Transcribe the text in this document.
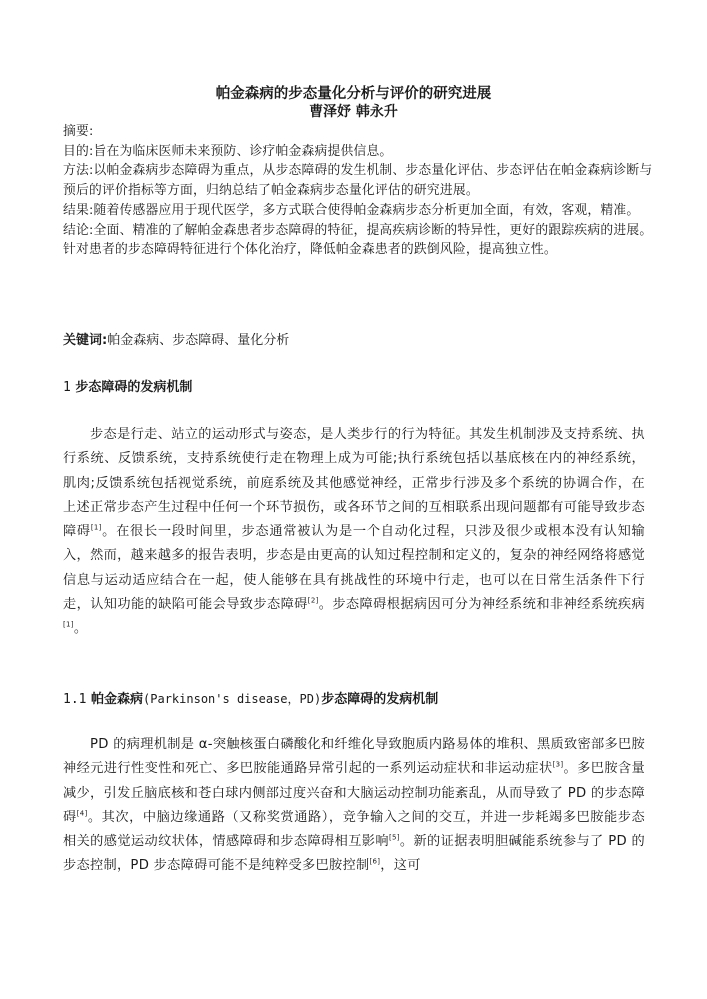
帕金森病的步态量化分析与评价的研究进展
曹泽妤 韩永升

摘要:

目的:旨在为临床医师未来预防、诊疗帕金森病提供信息。

方法:以帕金森病步态障碍为重点，从步态障碍的发生机制、步态量化评估、步态评估在帕金森病诊断与预后的评价指标等方面，归纳总结了帕金森病步态量化评估的研究进展。

结果:随着传感器应用于现代医学，多方式联合使得帕金森病步态分析更加全面，有效，客观，精准。

结论:全面、精准的了解帕金森患者步态障碍的特征，提高疾病诊断的特异性，更好的跟踪疾病的进展。针对患者的步态障碍特征进行个体化治疗，降低帕金森患者的跌倒风险，提高独立性。

关键词:帕金森病、步态障碍、量化分析

1 步态障碍的发病机制

步态是行走、站立的运动形式与姿态，是人类步行的行为特征。其发生机制涉及支持系统、执行系统、反馈系统，支持系统使行走在物理上成为可能;执行系统包括以基底核在内的神经系统，肌肉;反馈系统包括视觉系统，前庭系统及其他感觉神经，正常步行涉及多个系统的协调合作，在上述正常步态产生过程中任何一个环节损伤，或各环节之间的互相联系出现问题都有可能导致步态障碍[1]。在很长一段时间里，步态通常被认为是一个自动化过程，只涉及很少或根本没有认知输入，然而，越来越多的报告表明，步态是由更高的认知过程控制和定义的，复杂的神经网络将感觉信息与运动适应结合在一起，使人能够在具有挑战性的环境中行走，也可以在日常生活条件下行走，认知功能的缺陷可能会导致步态障碍[2]。步态障碍根据病因可分为神经系统和非神经系统疾病[1]。

1.1 帕金森病(Parkinson's disease，PD)步态障碍的发病机制

PD 的病理机制是 α-突触核蛋白磷酸化和纤维化导致胞质内路易体的堆积、黑质致密部多巴胺神经元进行性变性和死亡、多巴胺能通路异常引起的一系列运动症状和非运动症状[3]。多巴胺含量减少，引发丘脑底核和苍白球内侧部过度兴奋和大脑运动控制功能紊乱，从而导致了 PD 的步态障碍[4]。其次，中脑边缘通路（又称奖赏通路），竞争输入之间的交互，并进一步耗竭多巴胺能步态相关的感觉运动纹状体，情感障碍和步态障碍相互影响[5]。新的证据表明胆碱能系统参与了 PD 的步态控制，PD 步态障碍可能不是纯粹受多巴胺控制[6]，这可
